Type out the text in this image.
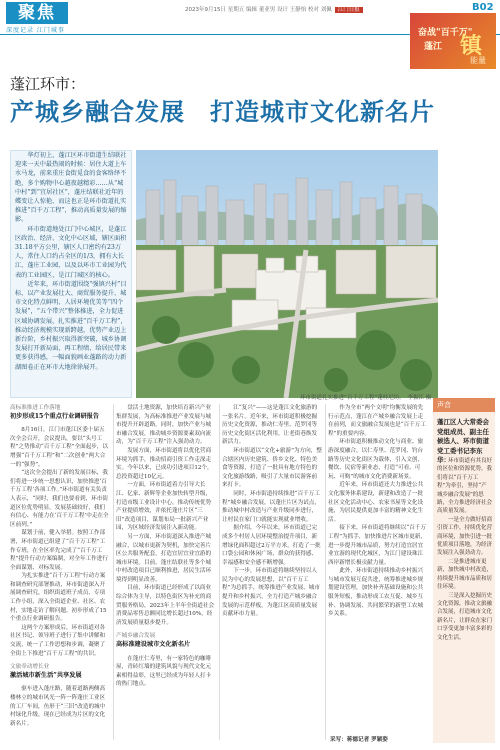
聚焦
深度记录 江门城事
2023年9月15日 星期五 编辑 董亚男 设计 王静怡 校对 刘佩 江门日报	B02
奋战"百千万"
蓬江 镇
能量
蓬江环市：
产城乡融合发展　打造城市文化新名片

华灯初上，蓬江区环市街道生结联社迎来一天中最热闹的时候：居住大道上车水马龙，前来重庄食街觅食的食客络绎不绝，多个购物中心越夜越精彩……从“城中村”到“宜居社区”，蓬庄结联社近年的蝶变让人惊艳，而这也正是环市街道扎实推进“百千万工程”，推动高质量发展的缩影。

环市街道地处江门中心城区，是蓬江区政治、经济、文化中心区域，辖区面积31.18平方公里，辖区人口密约有23万人，常住人口约占全区的1/3，拥有大长江、蓬庄工业园、以及以环市工业园为代表的工业园区，是江门城区的核心。

近年来，环市街道围绕“强镇兴村”目标，以产业发展壮大、商贸服务提升、城市文化特点鲜明、人居环境优美等“四个发展”，“五个带兴”整体推进，全力促进区域协调发展，扎实推进“百千万工程”，推动经济规模实现新跨越，优势产业迈上新台阶，乡村振兴取得新突破，城乡协调发展打开新局面，再工程绩、给居民带来更多获得感，一幅面貌画业蓬路的动力新湖图卷正在环市大地徐徐展开。

环市街道扎实推进“百千万工程”蓬桂尼坊。　李振江 摄

高标准推进工作落地

初步形成15个重点行业调研报告

8月16日，江门市蓬江区委十届五次全会召开，会议提出，要以“头号工程”之势推动“百千万工程”全面起步，以增强“百千万工程”和“二次创业”两大合一的“强势”。

“这次全会提出了新的发展目标，我们将进一步统一思想认识，加快推进‘百千万工程’各项工作。”环市街道有关负责人表示，“同时，我们也要看到，环市街道区位优势明显，发展基础较好，我们有信心、有能力在‘百千万工程’中走在全区前列。”

谋划于前，健入举措。按照工作部署，环市街道已组建了“百千万工程”工作专班，在全区率先完成了“百千万工程”提升行动方案编制，对全年工作进行全面谋划、对标发展。

为扎实推进“百千万工程”行动方案和调查研究部署推动，环市街道深入开展调查研究，组织街道班子成员、专项工作小组，深入全街道企业、社区、农村，实地走访了解问题，初步形成了15个重点行业调研报告。

这两个方案形成后，环市街道对各社区书记、领导班子进行了集中讲解和交流，统一了工作思想和步调，凝聚了全街上下推进“百千万工程”的共识。

文旅牵动增长业

激活城市新生活”共享发展

驱车进入蓬庄路，随着道路两侧高楼林立的城市风光一阵一阵蓬庄工业区的工厂车间，鱼形于“三旧”改造的城中村绿化升级，现在已经成为片区的文化新名片。

盘活土地资源，加快培育新兴产业集群发展，为高标准推进产业发展与城市提升开辟道路。同时，加快产业与城市融合发展，推动城乡资源要素双向流动，为“百千万工程”注入强劲动力。

发展方面，环市街道将以优化营商环境为抓手，推动招商引资工作走深走实。今年以来，已成功引进项目12个，总投资超过10亿元。

一方面，环市街道着力引导大长江、亿家、新辉等企业加快转型升级，打造市级工业设计中心，推动传统优势产业提质增效，并依托蓬庄片区“三旧”改造项目，谋划布局一批新兴产业园，为区域经济发展注入新动能。

另一方面，环市街道深入推进产城融合，以城市更新为契机，加快完善片区公共服务配套，打造宜居宜业宜游的城市环境。目前，蓬庄结联社等多个城中村改造项目已顺利推进，居民生活环境得到明显改善。

目前，环市街道已经形成了以商业综合体为主导，以特色街区为补充的商贸服务格局，2023年上半年全街道社会消费品零售总额同比增长超过10%，经济发展质量稳步提升。

产城乡融合发展

高标准建设城市文化新名片

在蓬庄仁寿里，有一家特色的咖啡屋，青砖红墙的建筑风貌与现代文化元素相得益彰，这里已经成为年轻人打卡的热门地点。

江“复兴”——这是蓬江文化旅游的一张名片。近年来，环市街道积极挖掘历史文化资源，推动仁寿里、范罗冈等历史文化街区活化利用，让老街巷焕发新活力。

环市街道以“文化+旅游”为方向，整合辖区内历史建筑、侨乡文化、特色美食等资源，打造了一批具有地方特色的文化旅游线路，吸引了大量市民游客前来打卡。

同时，环市街道持续推进“百千万工程”城乡融合发展，以蓬庄片区为试点，推动城中村改造与产业升级同步进行，让村民在家门口就能实现就业增收。

据介绍，今年以来，环市街道已完成多个村居人居环境整治提升项目，新增绿化面积超过2万平方米，打造了一批口袋公园和休闲广场，群众的获得感、幸福感和安全感不断增强。

下一步，环市街道将继续坚持以人民为中心的发展思想，以“百千万工程”为总抓手，统筹推进产业发展、城市提升和乡村振兴，全力打造产城乡融合发展的示范样板，为蓬江区高质量发展贡献环市力量。

作为全市“两个文明”均衡发展的先行示范点，蓬江在产城乡融合发展上走在前列，而文旅融合发展也是“百千万工程”的重要内容。

环市街道积极推动文化与商业、旅游深度融合，以仁寿里、范罗冈、钓台路等历史文化街区为载体，引入文创、餐饮、民宿等新业态，打造“可看、可玩、可购”的城市文化消费新场景。

近年来，环市街道还大力推进公共文化服务体系建设，新建和改造了一批社区文化活动中心、农家书屋等文化设施，为居民提供更加丰富的精神文化生活。

接下来，环市街道将继续以“百千万工程”为抓手，加快推进片区城市更新，进一步提升城市品质，努力打造宜居宜业宜游的现代化城区，为江门建设珠江西岸新增长极贡献力量。

此外，环市街道持续推动乡村振兴与城市发展互促共进，统筹推进城乡规划建设管理，加快补齐基础设施和公共服务短板，推动形成工农互促、城乡互补、协调发展、共同繁荣的新型工农城乡关系。

声音
蓬江区人大常委会党组成员、副主任候选人、环市街道党工委书记李东华：

环市街道有其良好的区位和资源优势，我们将以“百千万工程”为牵引，坚持“产城乡融合发展”的思路，全力推进经济社会高质量发展。

一是全力做好招商引资工作，持续优化营商环境，加快引进一批优质项目落地，为经济发展注入强劲动力。

二是推进城市更新，加快城中村改造，持续提升城市品质和居住环境。

三是深入挖掘历史文化资源，推动文旅融合发展，打造城市文化新名片，让群众在家门口享受更加丰富多彩的文化生活。

采写：蒋德记者 罗颖姿
